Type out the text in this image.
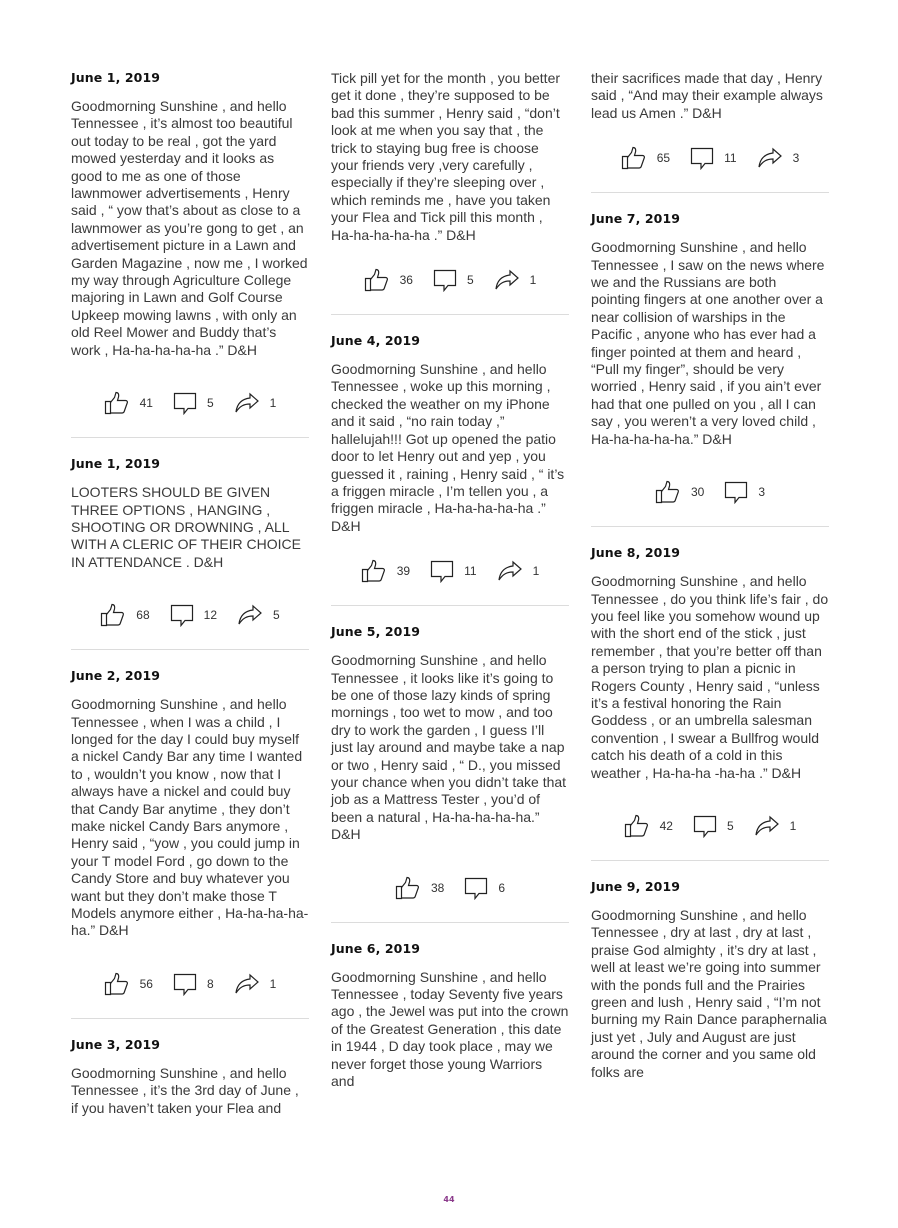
June 1, 2019

Goodmorning Sunshine , and hello Tennessee , it’s almost too beautiful out today to be real , got the yard mowed yesterday and it looks as good to me as one of those lawnmower advertisements , Henry said , “ yow that’s about as close to a lawnmower as you’re gong to get , an advertisement picture in a Lawn and Garden Magazine , now me , I worked my way through Agriculture College majoring in Lawn and Golf Course Upkeep mowing lawns , with only an old Reel Mower and Buddy that’s work , Ha-ha-ha-ha-ha .” D&H

41	5	1
June 1, 2019

LOOTERS SHOULD BE GIVEN THREE OPTIONS , HANGING , SHOOTING OR DROWNING , ALL WITH A CLERIC OF THEIR CHOICE IN ATTENDANCE . D&H

68	12	5
June 2, 2019

Goodmorning Sunshine , and hello Tennessee , when I was a child , I longed for the day I could buy myself a nickel Candy Bar any time I wanted to , wouldn’t you know , now that I always have a nickel and could buy that Candy Bar anytime , they don’t make nickel Candy Bars anymore , Henry said , “yow , you could jump in your T model Ford , go down to the Candy Store and buy whatever you want but they don’t make those T Models anymore either , Ha-ha-ha-ha-ha.” D&H

56	8	1
June 3, 2019

Goodmorning Sunshine , and hello Tennessee , it’s the 3rd day of June , if you haven’t taken your Flea and

Tick pill yet for the month , you better get it done , they’re supposed to be bad this summer , Henry said , “don’t look at me when you say that , the trick to staying bug free is choose your friends very ,very carefully , especially if they’re sleeping over , which reminds me , have you taken your Flea and Tick pill this month , Ha-ha-ha-ha-ha .” D&H

36	5	1
June 4, 2019

Goodmorning Sunshine , and hello Tennessee , woke up this morning , checked the weather on my iPhone and it said , “no rain today ,” hallelujah!!! Got up opened the patio door to let Henry out and yep , you guessed it , raining , Henry said , “ it’s a friggen miracle , I’m tellen you , a friggen miracle , Ha-ha-ha-ha-ha .” D&H

39	11	1
June 5, 2019

Goodmorning Sunshine , and hello Tennessee , it looks like it’s going to be one of those lazy kinds of spring mornings , too wet to mow , and too dry to work the garden , I guess I’ll just lay around and maybe take a nap or two , Henry said , “ D., you missed your chance when you didn’t take that job as a Mattress Tester , you’d of been a natural , Ha-ha-ha-ha-ha.” D&H

38	6
June 6, 2019

Goodmorning Sunshine , and hello Tennessee , today Seventy five years ago , the Jewel was put into the crown of the Greatest Generation , this date in 1944 , D day took place , may we never forget those young Warriors and

their sacrifices made that day , Henry said , “And may their example always lead us Amen .” D&H

65	11	3
June 7, 2019

Goodmorning Sunshine , and hello Tennessee , I saw on the news where we and the Russians are both pointing fingers at one another over a near collision of warships in the Pacific , anyone who has ever had a finger pointed at them and heard , “Pull my finger”, should be very worried , Henry said , if you ain’t ever had that one pulled on you , all I can say , you weren’t a very loved child , Ha-ha-ha-ha-ha.” D&H

30	3
June 8, 2019

Goodmorning Sunshine , and hello Tennessee , do you think life’s fair , do you feel like you somehow wound up with the short end of the stick , just remember , that you’re better off than a person trying to plan a picnic in Rogers County , Henry said , “unless it’s a festival honoring the Rain Goddess , or an umbrella salesman convention , I swear a Bullfrog would catch his death of a cold in this weather , Ha-ha-ha -ha-ha .” D&H

42	5	1
June 9, 2019

Goodmorning Sunshine , and hello Tennessee , dry at last , dry at last , praise God almighty , it’s dry at last , well at least we’re going into summer with the ponds full and the Prairies green and lush , Henry said , “I’m not burning my Rain Dance paraphernalia just yet , July and August are just around the corner and you same old folks are

44
